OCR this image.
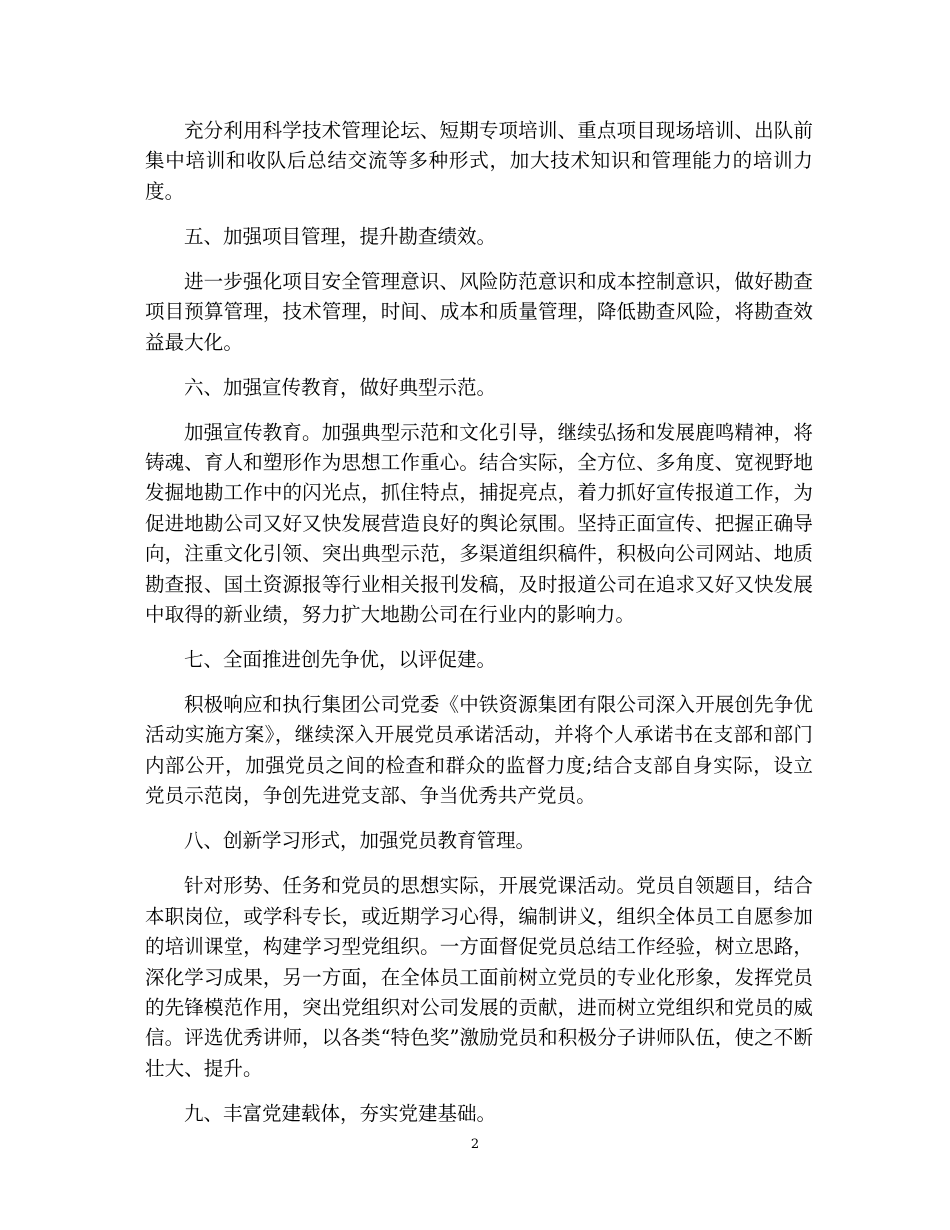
充分利用科学技术管理论坛、短期专项培训、重点项目现场培训、出队前集中培训和收队后总结交流等多种形式，加大技术知识和管理能力的培训力度。

五、加强项目管理，提升勘查绩效。

进一步强化项目安全管理意识、风险防范意识和成本控制意识，做好勘查项目预算管理，技术管理，时间、成本和质量管理，降低勘查风险，将勘查效益最大化。

六、加强宣传教育，做好典型示范。

加强宣传教育。加强典型示范和文化引导，继续弘扬和发展鹿鸣精神，将铸魂、育人和塑形作为思想工作重心。结合实际，全方位、多角度、宽视野地发掘地勘工作中的闪光点，抓住特点，捕捉亮点，着力抓好宣传报道工作，为促进地勘公司又好又快发展营造良好的舆论氛围。坚持正面宣传、把握正确导向，注重文化引领、突出典型示范，多渠道组织稿件，积极向公司网站、地质勘查报、国土资源报等行业相关报刊发稿，及时报道公司在追求又好又快发展中取得的新业绩，努力扩大地勘公司在行业内的影响力。

七、全面推进创先争优，以评促建。

积极响应和执行集团公司党委《中铁资源集团有限公司深入开展创先争优活动实施方案》，继续深入开展党员承诺活动，并将个人承诺书在支部和部门内部公开，加强党员之间的检查和群众的监督力度;结合支部自身实际，设立党员示范岗，争创先进党支部、争当优秀共产党员。

八、创新学习形式，加强党员教育管理。

针对形势、任务和党员的思想实际，开展党课活动。党员自领题目，结合本职岗位，或学科专长，或近期学习心得，编制讲义，组织全体员工自愿参加的培训课堂，构建学习型党组织。一方面督促党员总结工作经验，树立思路，深化学习成果，另一方面，在全体员工面前树立党员的专业化形象，发挥党员的先锋模范作用，突出党组织对公司发展的贡献，进而树立党组织和党员的威信。评选优秀讲师，以各类“特色奖”激励党员和积极分子讲师队伍，使之不断壮大、提升。

九、丰富党建载体，夯实党建基础。

2
